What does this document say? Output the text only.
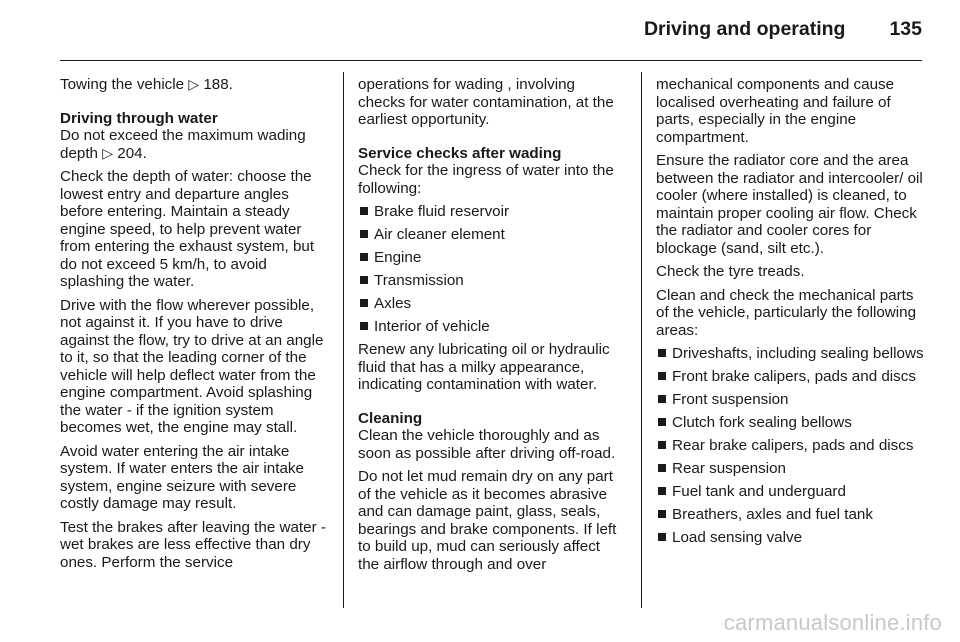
Driving and operating 135

Towing the vehicle ▷ 188.

Driving through water

Do not exceed the maximum wading depth ▷ 204.

Check the depth of water: choose the lowest entry and departure angles before entering. Maintain a steady engine speed, to help prevent water from entering the exhaust system, but do not exceed 5 km/h, to avoid splashing the water.

Drive with the flow wherever possible, not against it. If you have to drive against the flow, try to drive at an angle to it, so that the leading corner of the vehicle will help deflect water from the engine compartment. Avoid splashing the water - if the ignition system becomes wet, the engine may stall.

Avoid water entering the air intake system. If water enters the air intake system, engine seizure with severe costly damage may result.

Test the brakes after leaving the water - wet brakes are less effective than dry ones. Perform the service

operations for wading , involving checks for water contamination, at the earliest opportunity.

Service checks after wading

Check for the ingress of water into the following:

Brake fluid reservoir
Air cleaner element
Engine
Transmission
Axles
Interior of vehicle

Renew any lubricating oil or hydraulic fluid that has a milky appearance, indicating contamination with water.

Cleaning

Clean the vehicle thoroughly and as soon as possible after driving off-road.

Do not let mud remain dry on any part of the vehicle as it becomes abrasive and can damage paint, glass, seals, bearings and brake components. If left to build up, mud can seriously affect the airflow through and over

mechanical components and cause localised overheating and failure of parts, especially in the engine compartment.

Ensure the radiator core and the area between the radiator and intercooler/ oil cooler (where installed) is cleaned, to maintain proper cooling air flow. Check the radiator and cooler cores for blockage (sand, silt etc.).

Check the tyre treads.

Clean and check the mechanical parts of the vehicle, particularly the following areas:

Driveshafts, including sealing bellows
Front brake calipers, pads and discs
Front suspension
Clutch fork sealing bellows
Rear brake calipers, pads and discs
Rear suspension
Fuel tank and underguard
Breathers, axles and fuel tank
Load sensing valve
carmanualsonline.info
